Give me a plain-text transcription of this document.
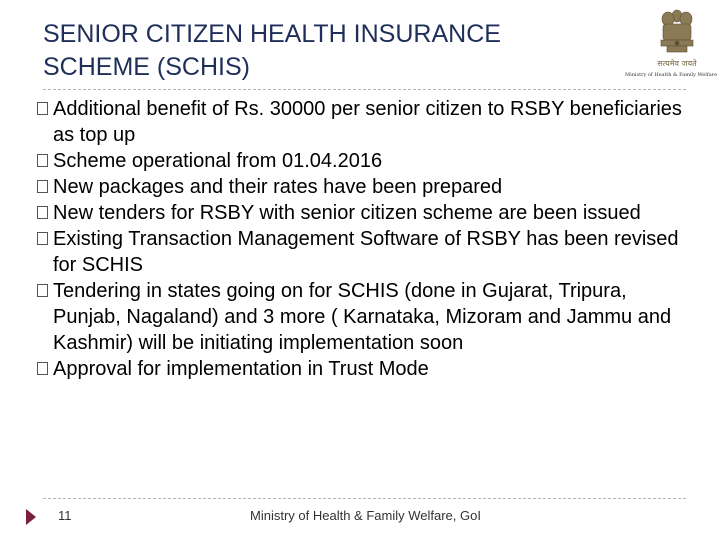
SENIOR CITIZEN HEALTH INSURANCE
SCHEME (SCHIS)	सत्यमेव जयते
Ministry of Health & Family Welfare
Additional benefit of Rs. 30000 per senior citizen to RSBY beneficiaries as top up
Scheme operational from 01.04.2016
New packages and their rates have been prepared
New tenders for RSBY with senior citizen scheme are been issued
Existing Transaction Management Software of RSBY has been revised for SCHIS
Tendering in states going on for SCHIS (done in Gujarat, Tripura, Punjab, Nagaland) and 3 more ( Karnataka, Mizoram and Jammu and Kashmir) will be initiating implementation soon
Approval for implementation in Trust Mode
11	Ministry of Health & Family Welfare, GoI
